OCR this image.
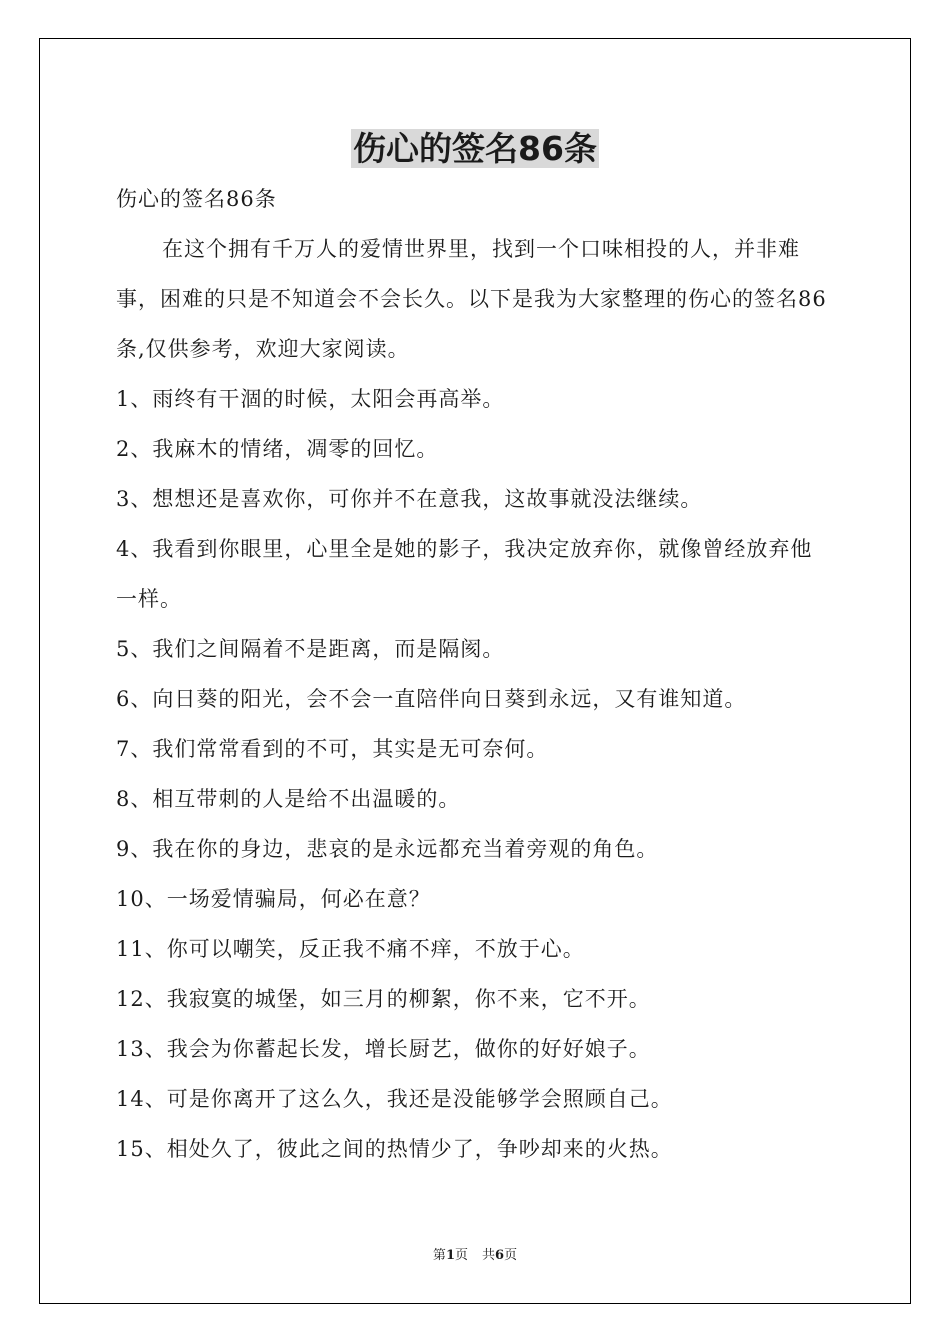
伤心的签名86条

伤心的签名86条

在这个拥有千万人的爱情世界里，找到一个口味相投的人，并非难事，困难的只是不知道会不会长久。以下是我为大家整理的伤心的签名86条,仅供参考，欢迎大家阅读。

1、雨终有干涸的时候，太阳会再高举。

2、我麻木的情绪，凋零的回忆。

3、想想还是喜欢你，可你并不在意我，这故事就没法继续。

4、我看到你眼里，心里全是她的影子，我决定放弃你，就像曾经放弃他一样。

5、我们之间隔着不是距离，而是隔阂。

6、向日葵的阳光，会不会一直陪伴向日葵到永远，又有谁知道。

7、我们常常看到的不可，其实是无可奈何。

8、相互带刺的人是给不出温暖的。

9、我在你的身边，悲哀的是永远都充当着旁观的角色。

10、一场爱情骗局，何必在意？

11、你可以嘲笑，反正我不痛不痒，不放于心。

12、我寂寞的城堡，如三月的柳絮，你不来，它不开。

13、我会为你蓄起长发，增长厨艺，做你的好好娘子。

14、可是你离开了这么久，我还是没能够学会照顾自己。

15、相处久了，彼此之间的热情少了，争吵却来的火热。

第1页 共6页
